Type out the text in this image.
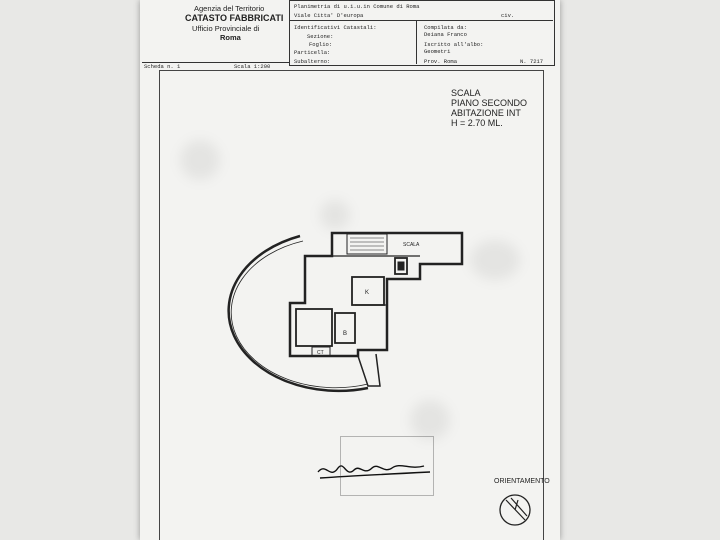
Agenzia del Territorio
CATASTO FABBRICATI
Ufficio Provinciale di
Roma
Planimetria di u.i.u.in Comune di Roma
Viale Citta' D'europa	civ.
Identificativi Catastali:
Sezione:
Foglio:
Particella:
Subalterno:
Compilata da:
Deiana Franco
Iscritto all'albo:
Geometri
Prov. Roma	N. 7217
Scheda n. 1	Scala 1:200
SCALA
PIANO SECONDO
ABITAZIONE INT
H = 2.70 ML.
SCALA
K
B
CT
ORIENTAMENTO
